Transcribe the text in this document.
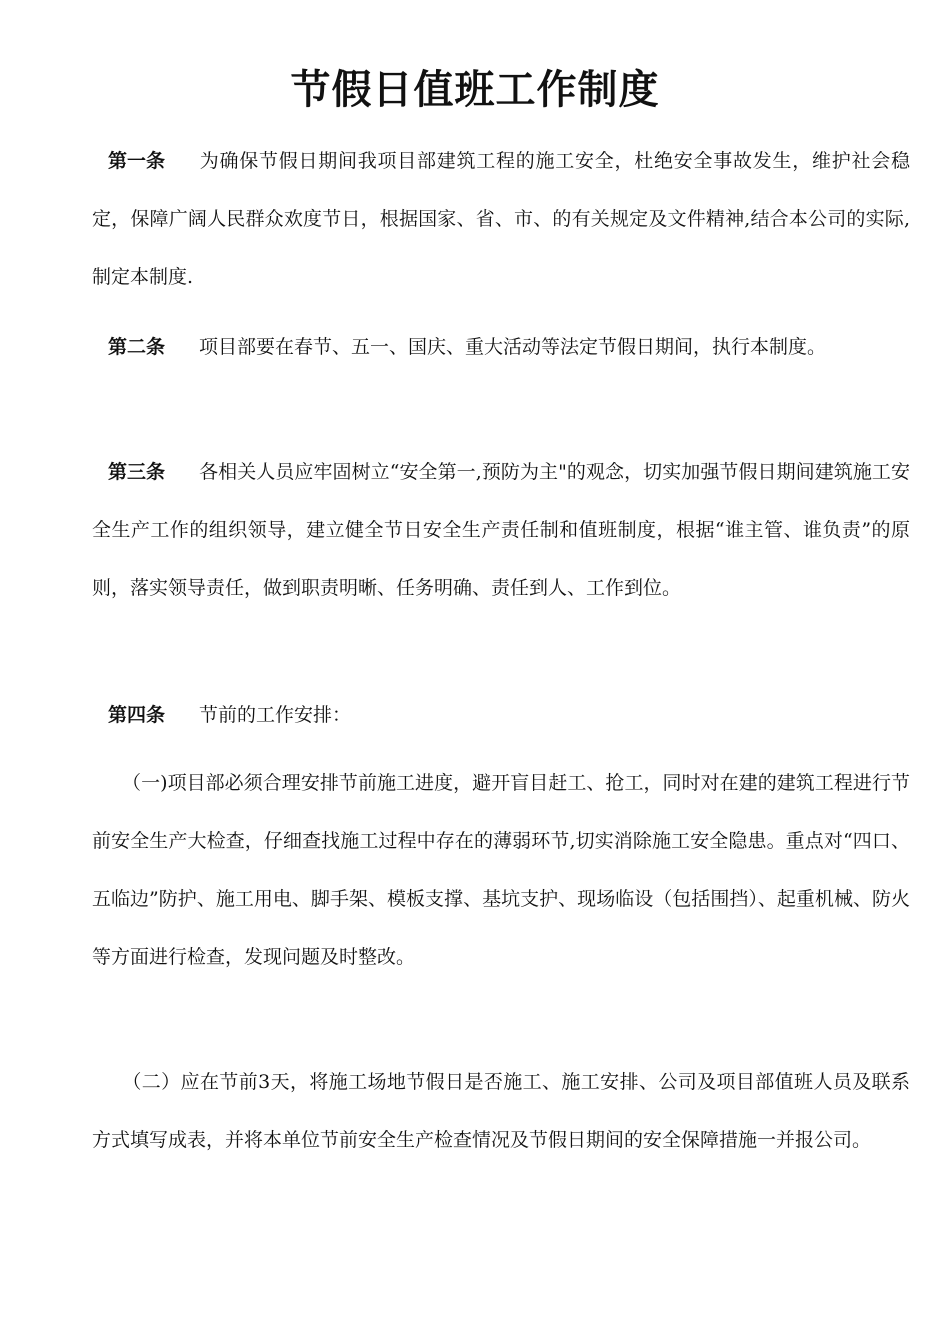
节假日值班工作制度
第一条 为确保节假日期间我项目部建筑工程的施工安全，杜绝安全事故发生，维护社会稳定，保障广阔人民群众欢度节日，根据国家、省、市、的有关规定及文件精神,结合本公司的实际,制定本制度.
第二条 项目部要在春节、五一、国庆、重大活动等法定节假日期间，执行本制度。
第三条 各相关人员应牢固树立“安全第一,预防为主"的观念，切实加强节假日期间建筑施工安全生产工作的组织领导，建立健全节日安全生产责任制和值班制度，根据“谁主管、谁负责”的原则，落实领导责任，做到职责明晰、任务明确、责任到人、工作到位。
第四条 节前的工作安排：
（一)项目部必须合理安排节前施工进度，避开盲目赶工、抢工，同时对在建的建筑工程进行节前安全生产大检查，仔细查找施工过程中存在的薄弱环节,切实消除施工安全隐患。重点对“四口、五临边”防护、施工用电、脚手架、模板支撑、基坑支护、现场临设（包括围挡）、起重机械、防火等方面进行检查，发现问题及时整改。
（二）应在节前3天，将施工场地节假日是否施工、施工安排、公司及项目部值班人员及联系方式填写成表，并将本单位节前安全生产检查情况及节假日期间的安全保障措施一并报公司。
